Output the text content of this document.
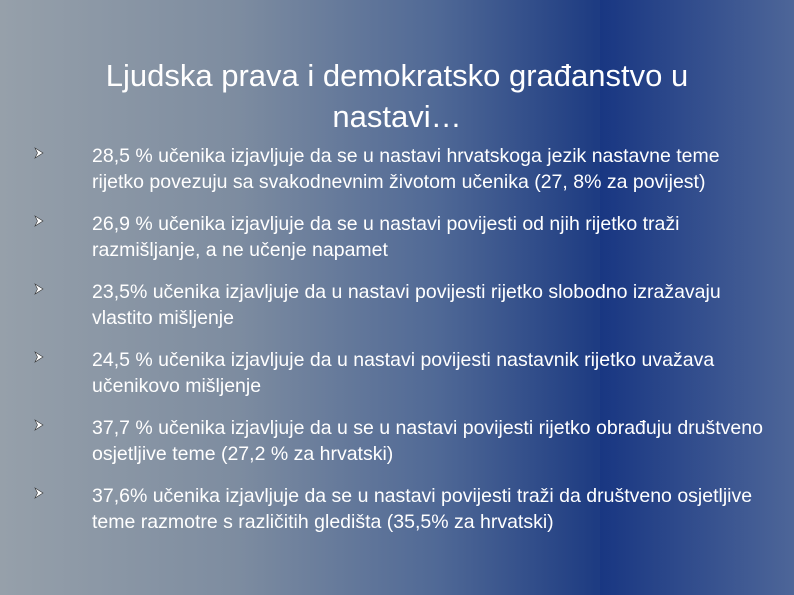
Ljudska prava i demokratsko građanstvo u nastavi…
28,5 % učenika izjavljuje da se u nastavi hrvatskoga jezik nastavne teme rijetko povezuju sa svakodnevnim životom učenika (27, 8% za povijest)
26,9 % učenika izjavljuje da se u nastavi povijesti od njih rijetko traži razmišljanje, a ne učenje napamet
23,5% učenika izjavljuje da u nastavi povijesti rijetko slobodno izražavaju vlastito mišljenje
24,5 % učenika izjavljuje da u nastavi povijesti nastavnik rijetko uvažava učenikovo mišljenje
37,7 % učenika izjavljuje da u se u nastavi povijesti rijetko obrađuju društveno osjetljive teme (27,2 % za hrvatski)
37,6% učenika izjavljuje da se u nastavi povijesti traži da društveno osjetljive teme razmotre s različitih gledišta (35,5% za hrvatski)
